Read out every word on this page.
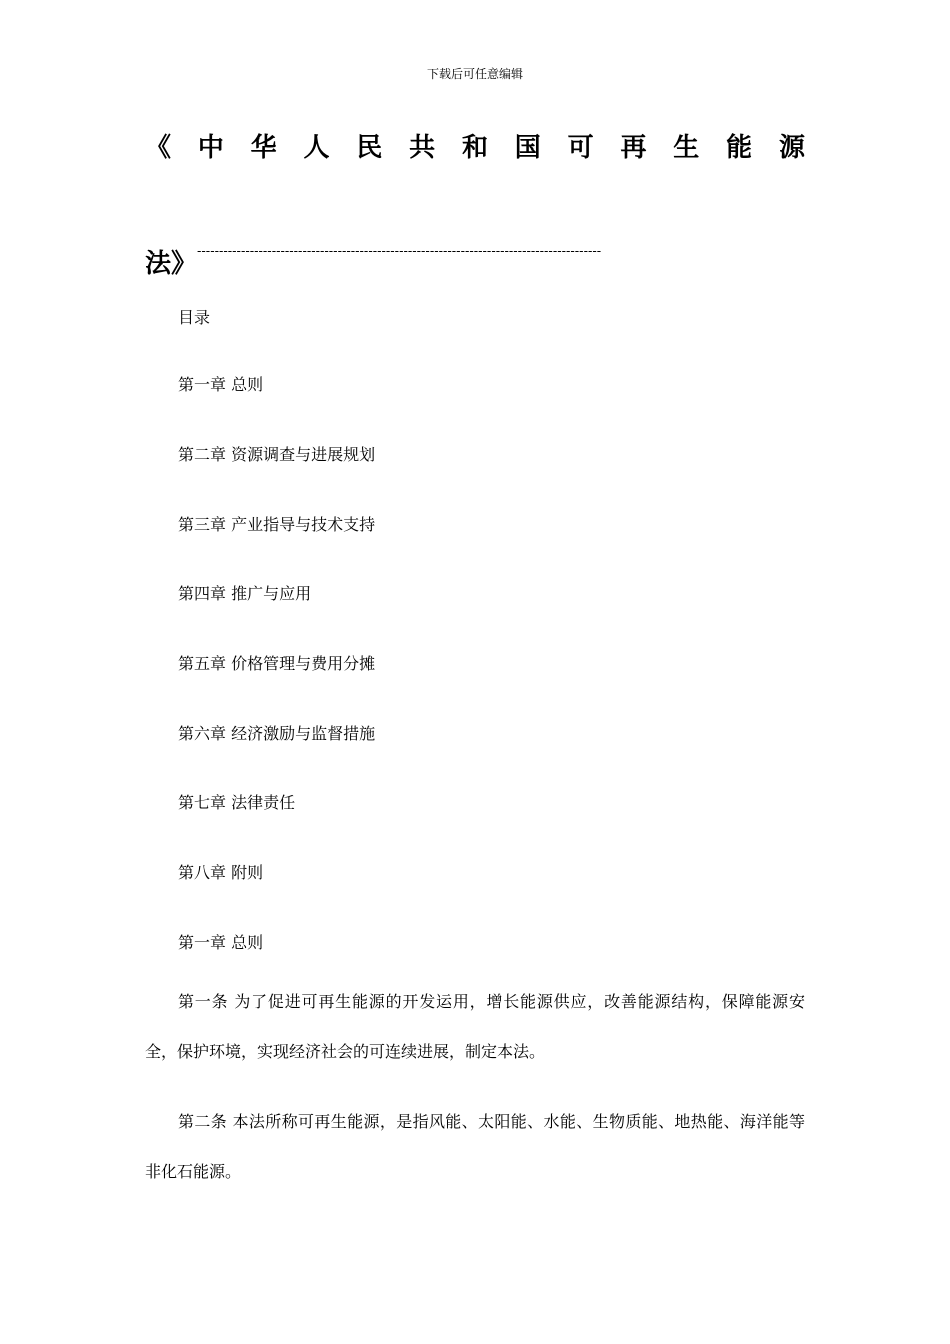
下载后可任意编辑
《 中 华 人 民 共 和 国 可 再 生 能 源
法》--------------------------------------------------------------------------------------------
目录
第一章 总则
第二章 资源调查与进展规划
第三章 产业指导与技术支持
第四章 推广与应用
第五章 价格管理与费用分摊
第六章 经济激励与监督措施
第七章 法律责任
第八章 附则
第一章 总则

第一条 为了促进可再生能源的开发运用，增长能源供应，改善能源结构，保障能源安全，保护环境，实现经济社会的可连续进展，制定本法。

第二条 本法所称可再生能源，是指风能、太阳能、水能、生物质能、地热能、海洋能等非化石能源。
